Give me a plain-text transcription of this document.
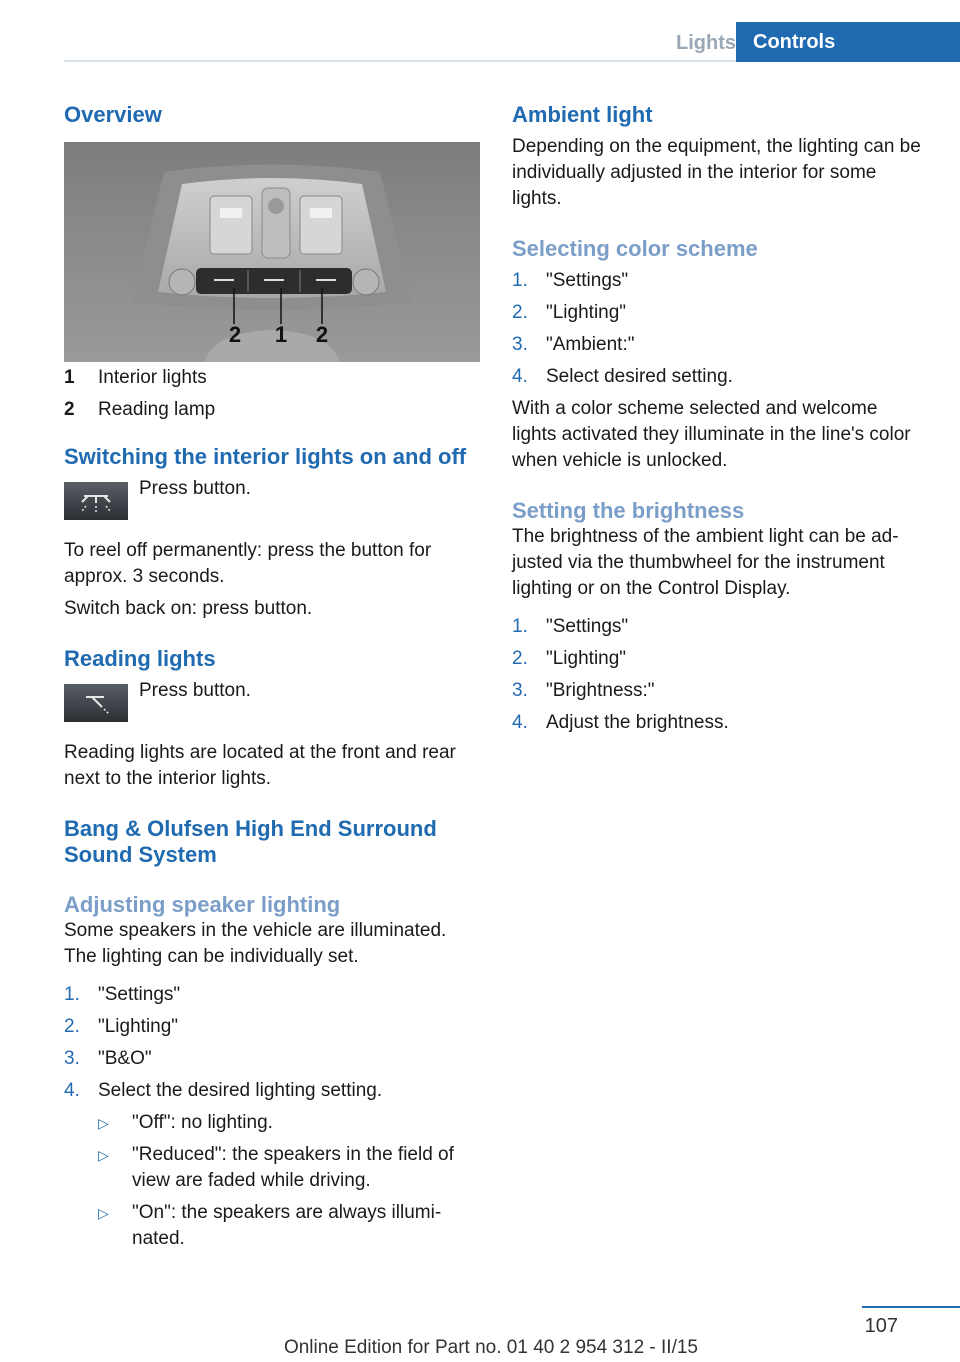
Lights Controls
Overview
2 1 2
1	Interior lights
2	Reading lamp
Switching the interior lights on and off

Press button.

To reel off permanently: press the button for approx. 3 seconds.

Switch back on: press button.

Reading lights

Press button.

Reading lights are located at the front and rear next to the interior lights.

Bang & Olufsen High End Surround Sound System
Adjusting speaker lighting

Some speakers in the vehicle are illuminated. The lighting can be individually set.

1. "Settings"
2. "Lighting"
3. "B&O"
4. Select the desired lighting setting.
▷	"Off": no lighting.
▷	"Reduced": the speakers in the field of view are faded while driving.
▷	"On": the speakers are always illuminated.
Ambient light

Depending on the equipment, the lighting can be individually adjusted in the interior for some lights.

Selecting color scheme
1. "Settings"
2. "Lighting"
3. "Ambient:"
4. Select desired setting.

With a color scheme selected and welcome lights activated they illuminate in the line's color when vehicle is unlocked.

Setting the brightness

The brightness of the ambient light can be adjusted via the thumbwheel for the instrument lighting or on the Control Display.

1. "Settings"
2. "Lighting"
3. "Brightness:"
4. Adjust the brightness.
107
Online Edition for Part no. 01 40 2 954 312 - II/15
